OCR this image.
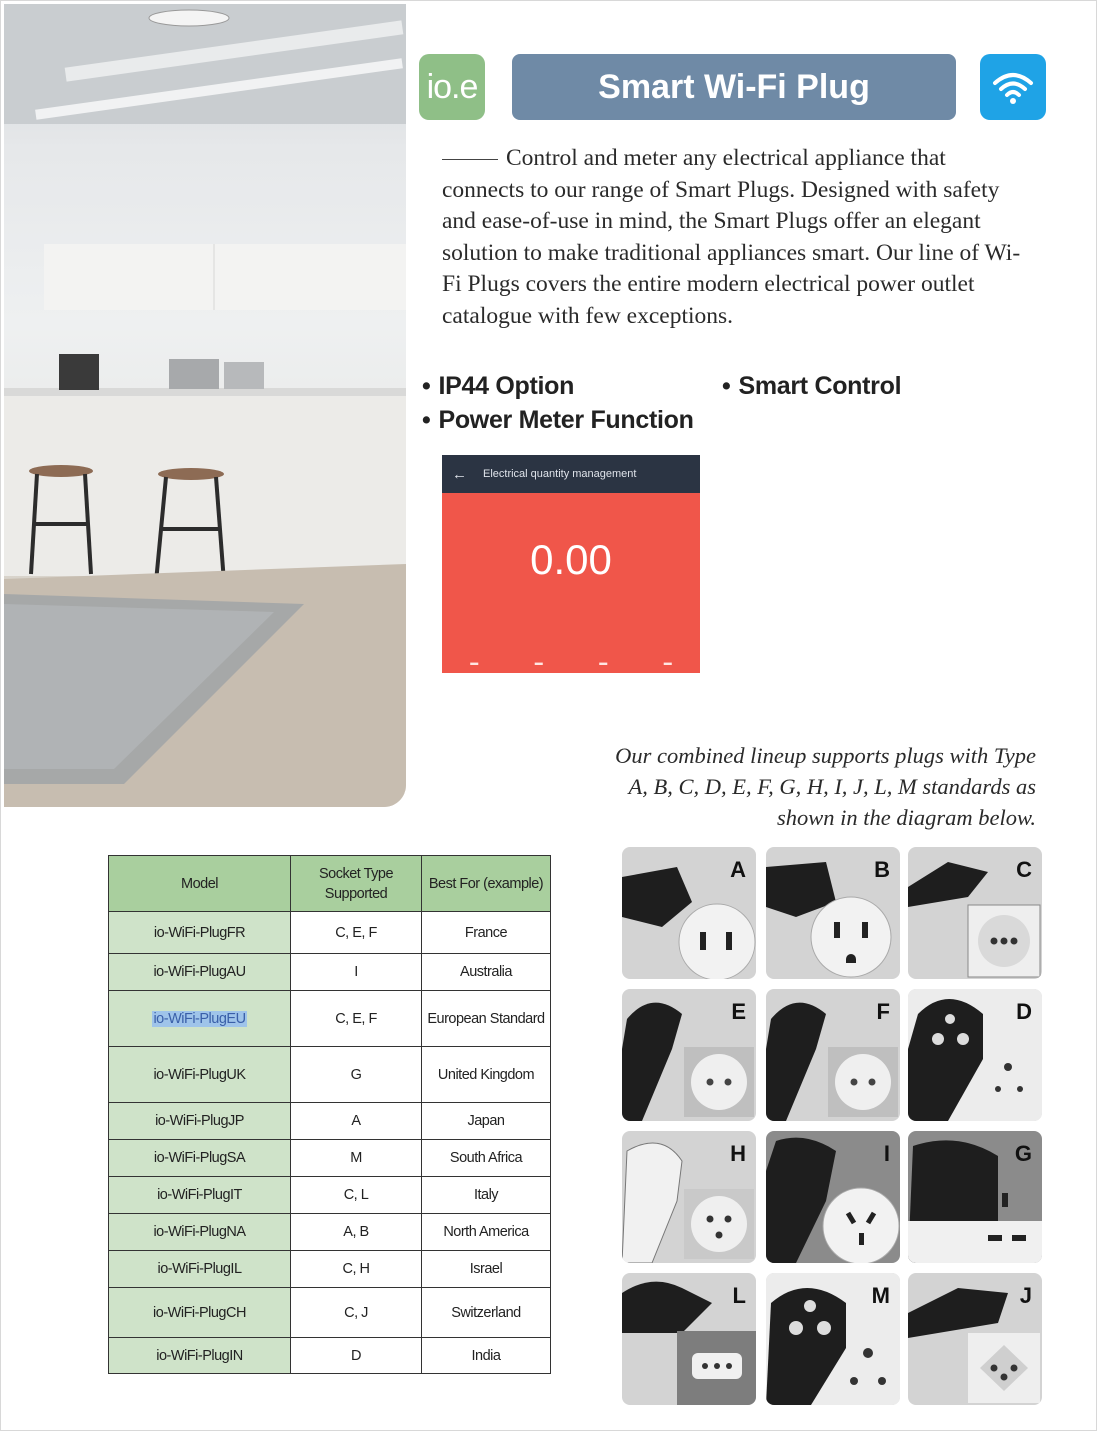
io.e	Smart Wi-Fi Plug
Control and meter any electrical appliance that connects to our range of Smart Plugs. Designed with safety and ease-of-use in mind, the Smart Plugs offer an elegant solution to make traditional appliances smart. Our line of Wi-Fi Plugs covers the entire modern electrical power outlet catalogue with few exceptions.
• IP44 Option	• Smart Control
• Power Meter Function
← Electrical quantity management
0.00
▬	▬	▬	▬
Our combined lineup supports plugs with Type A, B, C, D, E, F, G, H, I, J, L, M standards as shown in the diagram below.
Model	Socket Type Supported	Best For (example)
io-WiFi-PlugFR	C, E, F	France
io-WiFi-PlugAU	I	Australia
io-WiFi-PlugEU	C, E, F	European Standard
io-WiFi-PlugUK	G	United Kingdom
io-WiFi-PlugJP	A	Japan
io-WiFi-PlugSA	M	South Africa
io-WiFi-PlugIT	C, L	Italy
io-WiFi-PlugNA	A, B	North America
io-WiFi-PlugIL	C, H	Israel
io-WiFi-PlugCH	C, J	Switzerland
io-WiFi-PlugIN	D	India
A	B	C
E	F	D
H	I	G
L	M	J
